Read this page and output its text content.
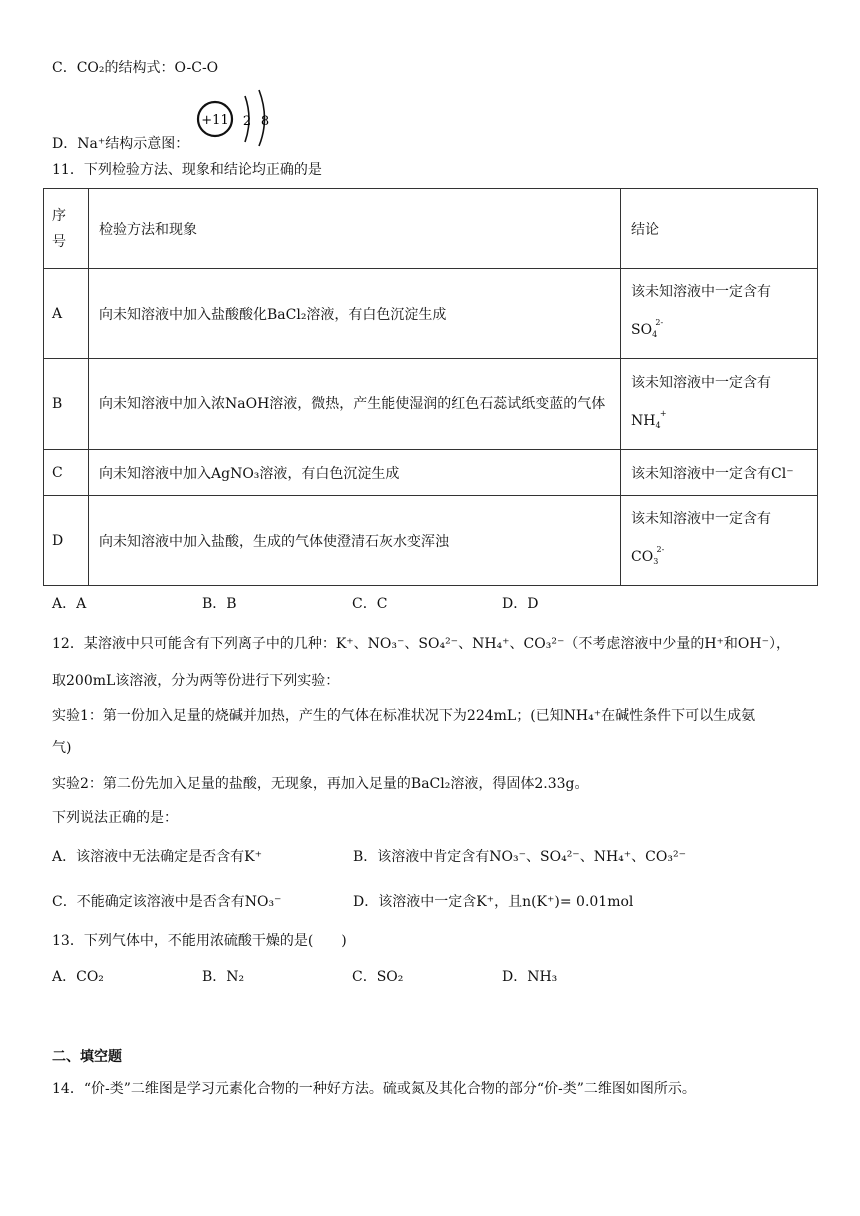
C．CO₂的结构式：O-C-O
+11 2 8
D．Na⁺结构示意图：
11．下列检验方法、现象和结论均正确的是
序
号	检验方法和现象	结论
A	向未知溶液中加入盐酸酸化BaCl₂溶液，有白色沉淀生成	该未知溶液中一定含有
$SO_4$
2-

B	向未知溶液中加入浓NaOH溶液，微热，产生能使湿润的红色石蕊试纸变蓝的气体	该未知溶液中一定含有
$NH_4$
+

C	向未知溶液中加入AgNO₃溶液，有白色沉淀生成	该未知溶液中一定含有Cl⁻
D	向未知溶液中加入盐酸，生成的气体使澄清石灰水变浑浊	该未知溶液中一定含有
$CO_3$
2-
A．A	B．B	C．C	D．D
12．某溶液中只可能含有下列离子中的几种：K⁺、NO₃⁻、SO₄²⁻、NH₄⁺、CO₃²⁻（不考虑溶液中少量的H⁺和OH⁻），
取200mL该溶液，分为两等份进行下列实验：
实验1：第一份加入足量的烧碱并加热，产生的气体在标准状况下为224mL；(已知NH₄⁺在碱性条件下可以生成氨
气)
实验2：第二份先加入足量的盐酸，无现象，再加入足量的BaCl₂溶液，得固体2.33g。
下列说法正确的是：
A．该溶液中无法确定是否含有K⁺	B．该溶液中肯定含有NO₃⁻、SO₄²⁻、NH₄⁺、CO₃²⁻
C．不能确定该溶液中是否含有NO₃⁻	D．该溶液中一定含K⁺，且n(K⁺)= 0.01mol
13．下列气体中，不能用浓硫酸干燥的是(　　)
A．CO₂	B．N₂	C．SO₂	D．NH₃
二、填空题
14．“价-类”二维图是学习元素化合物的一种好方法。硫或氮及其化合物的部分“价-类”二维图如图所示。
